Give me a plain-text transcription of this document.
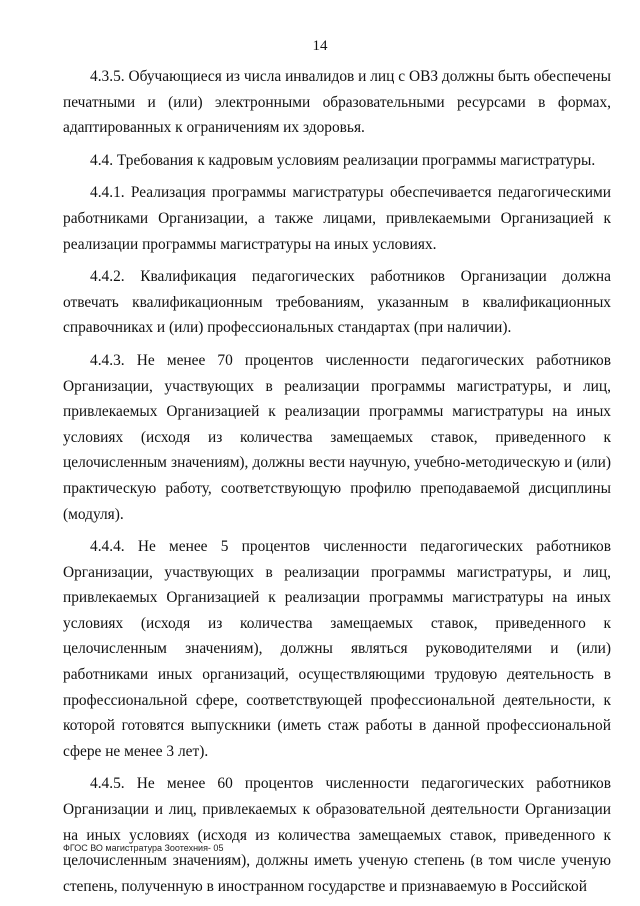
14

4.3.5. Обучающиеся из числа инвалидов и лиц с ОВЗ должны быть обеспечены печатными и (или) электронными образовательными ресурсами в формах, адаптированных к ограничениям их здоровья.

4.4. Требования к кадровым условиям реализации программы магистратуры.

4.4.1. Реализация программы магистратуры обеспечивается педагогическими работниками Организации, а также лицами, привлекаемыми Организацией к реализации программы магистратуры на иных условиях.

4.4.2. Квалификация педагогических работников Организации должна отвечать квалификационным требованиям, указанным в квалификационных справочниках и (или) профессиональных стандартах (при наличии).

4.4.3. Не менее 70 процентов численности педагогических работников Организации, участвующих в реализации программы магистратуры, и лиц, привлекаемых Организацией к реализации программы магистратуры на иных условиях (исходя из количества замещаемых ставок, приведенного к целочисленным значениям), должны вести научную, учебно-методическую и (или) практическую работу, соответствующую профилю преподаваемой дисциплины (модуля).

4.4.4. Не менее 5 процентов численности педагогических работников Организации, участвующих в реализации программы магистратуры, и лиц, привлекаемых Организацией к реализации программы магистратуры на иных условиях (исходя из количества замещаемых ставок, приведенного к целочисленным значениям), должны являться руководителями и (или) работниками иных организаций, осуществляющими трудовую деятельность в профессиональной сфере, соответствующей профессиональной деятельности, к которой готовятся выпускники (иметь стаж работы в данной профессиональной сфере не менее 3 лет).

4.4.5. Не менее 60 процентов численности педагогических работников Организации и лиц, привлекаемых к образовательной деятельности Организации на иных условиях (исходя из количества замещаемых ставок, приведенного к целочисленным значениям), должны иметь ученую степень (в том числе ученую степень, полученную в иностранном государстве и признаваемую в Российской

ФГОС ВО магистратура Зоотехния- 05
